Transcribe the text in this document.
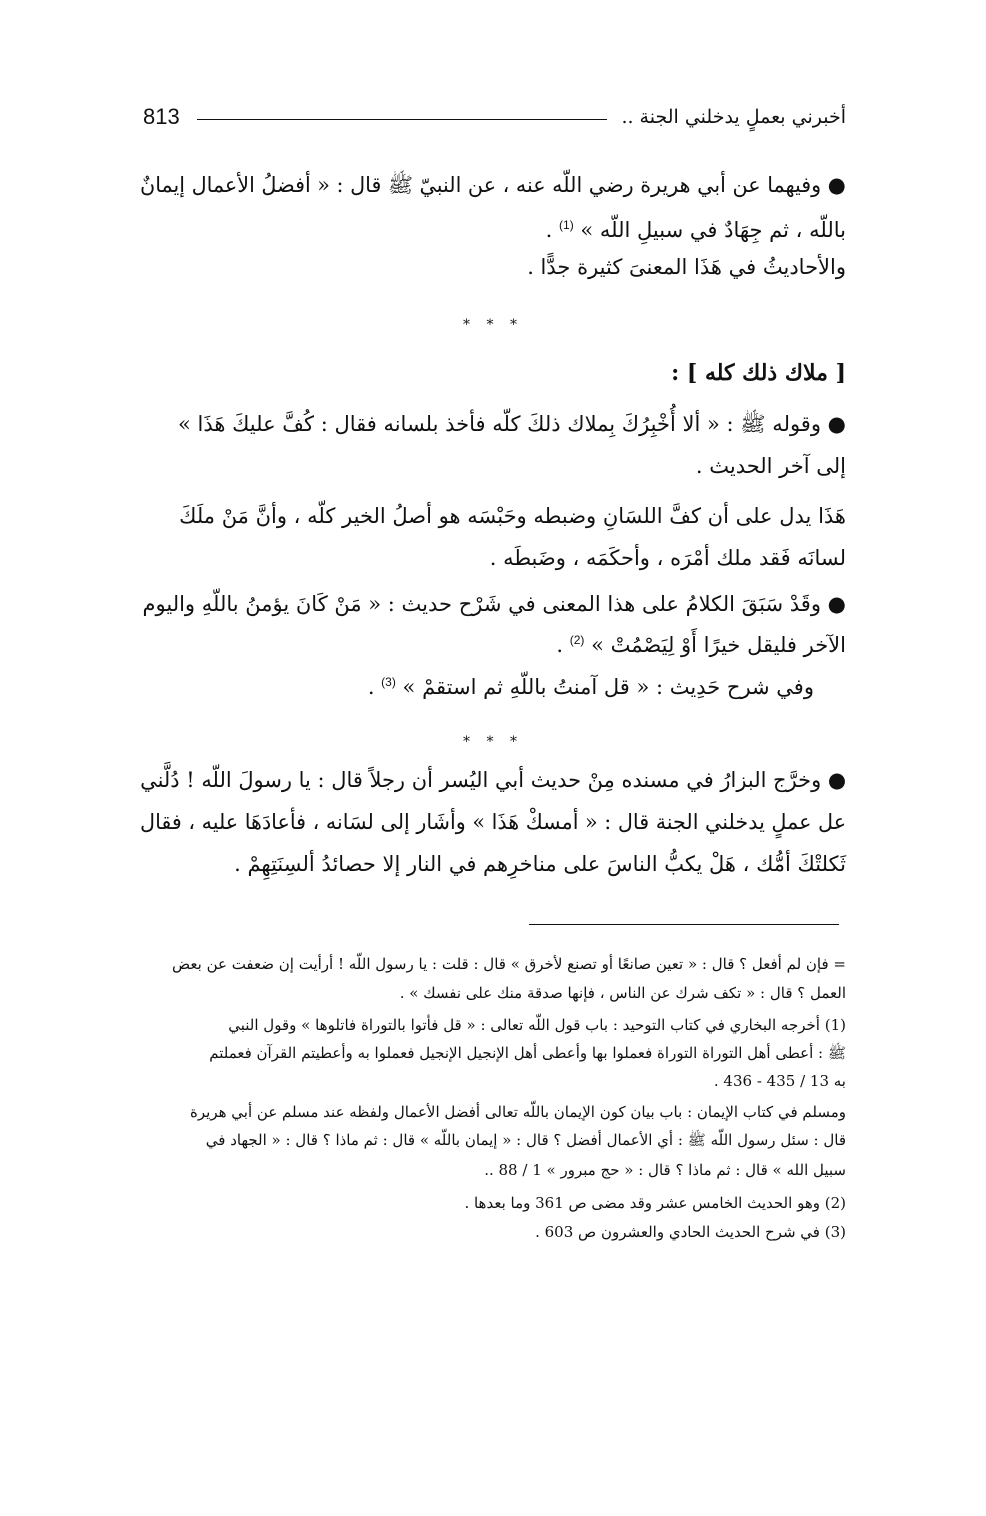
813	أخبرني بعملٍ يدخلني الجنة ..
● وفيهما عن أبي هريرة رضي اللّه عنه ، عن النبيّ ﷺ قال : « أفضلُ الأعمال إيمانٌ
باللّه ، ثم جِهَادٌ في سبيلِ اللّه » $^{(1)}$ .
والأحاديثُ في هَذَا المعنىَ كثيرة جدًّا .
* * *
[ ملاك ذلك كله ] :
● وقوله ﷺ : « ألا أُخْبِرُكَ بِملاك ذلكَ كلّه فأخذ بلسانه فقال : كُفَّ عليكَ هَذَا »
إلى آخر الحديث .
هَذَا يدل على أن كفَّ اللسَانِ وضبطه وحَبْسَه هو أصلُ الخير كلّه ، وأنَّ مَنْ ملَكَ
لسانَه فَقد ملك أمْرَه ، وأحكَمَه ، وضَبطَه .
● وقَدْ سَبَقَ الكلامُ على هذا المعنى في شَرْح حديث : « مَنْ كَانَ يؤمنُ باللّهِ واليوم
الآخر فليقل خيرًا أَوْ لِيَصْمُتْ » $^{(2)}$ .
وفي شرح حَدِيث : « قل آمنتُ باللّهِ ثم استقمْ » $^{(3)}$ .
* * *
● وخرَّج البزارُ في مسنده مِنْ حديث أبي اليُسر أن رجلاً قال : يا رسولَ اللّه ! دُلَّني
عل عملٍ يدخلني الجنة قال : « أمسكْ هَذَا » وأشَار إلى لسَانه ، فأعادَهَا عليه ، فقال
ثَكلتْكَ أمُّك ، هَلْ يكبُّ الناسَ على مناخرِهم في النار إلا حصائدُ ألسِنَتِهِمْ .
= فإن لم أفعل ؟ قال : « تعين صانعًا أو تصنع لأخرق » قال : قلت : يا رسول اللّه ! أرأيت إن ضعفت عن بعض
العمل ؟ قال : « تكف شرك عن الناس ، فإنها صدقة منك على نفسك » .
(1) أخرجه البخاري في كتاب التوحيد : باب قول اللّه تعالى : « قل فأتوا بالتوراة فاتلوها » وقول النبي
ﷺ : أعطى أهل التوراة التوراة فعملوا بها وأعطى أهل الإنجيل الإنجيل فعملوا به وأعطيتم القرآن فعملتم
به 13 / 435 - 436 .
ومسلم في كتاب الإيمان : باب بيان كون الإيمان باللّه تعالى أفضل الأعمال ولفظه عند مسلم عن أبي هريرة
قال : سئل رسول اللّه ﷺ : أي الأعمال أفضل ؟ قال : « إيمان باللّه » قال : ثم ماذا ؟ قال : « الجهاد في
سبيل الله » قال : ثم ماذا ؟ قال : « حج مبرور » 1 / 88 ..
(2) وهو الحديث الخامس عشر وقد مضى ص 361 وما بعدها .
(3) في شرح الحديث الحادي والعشرون ص 603 .
